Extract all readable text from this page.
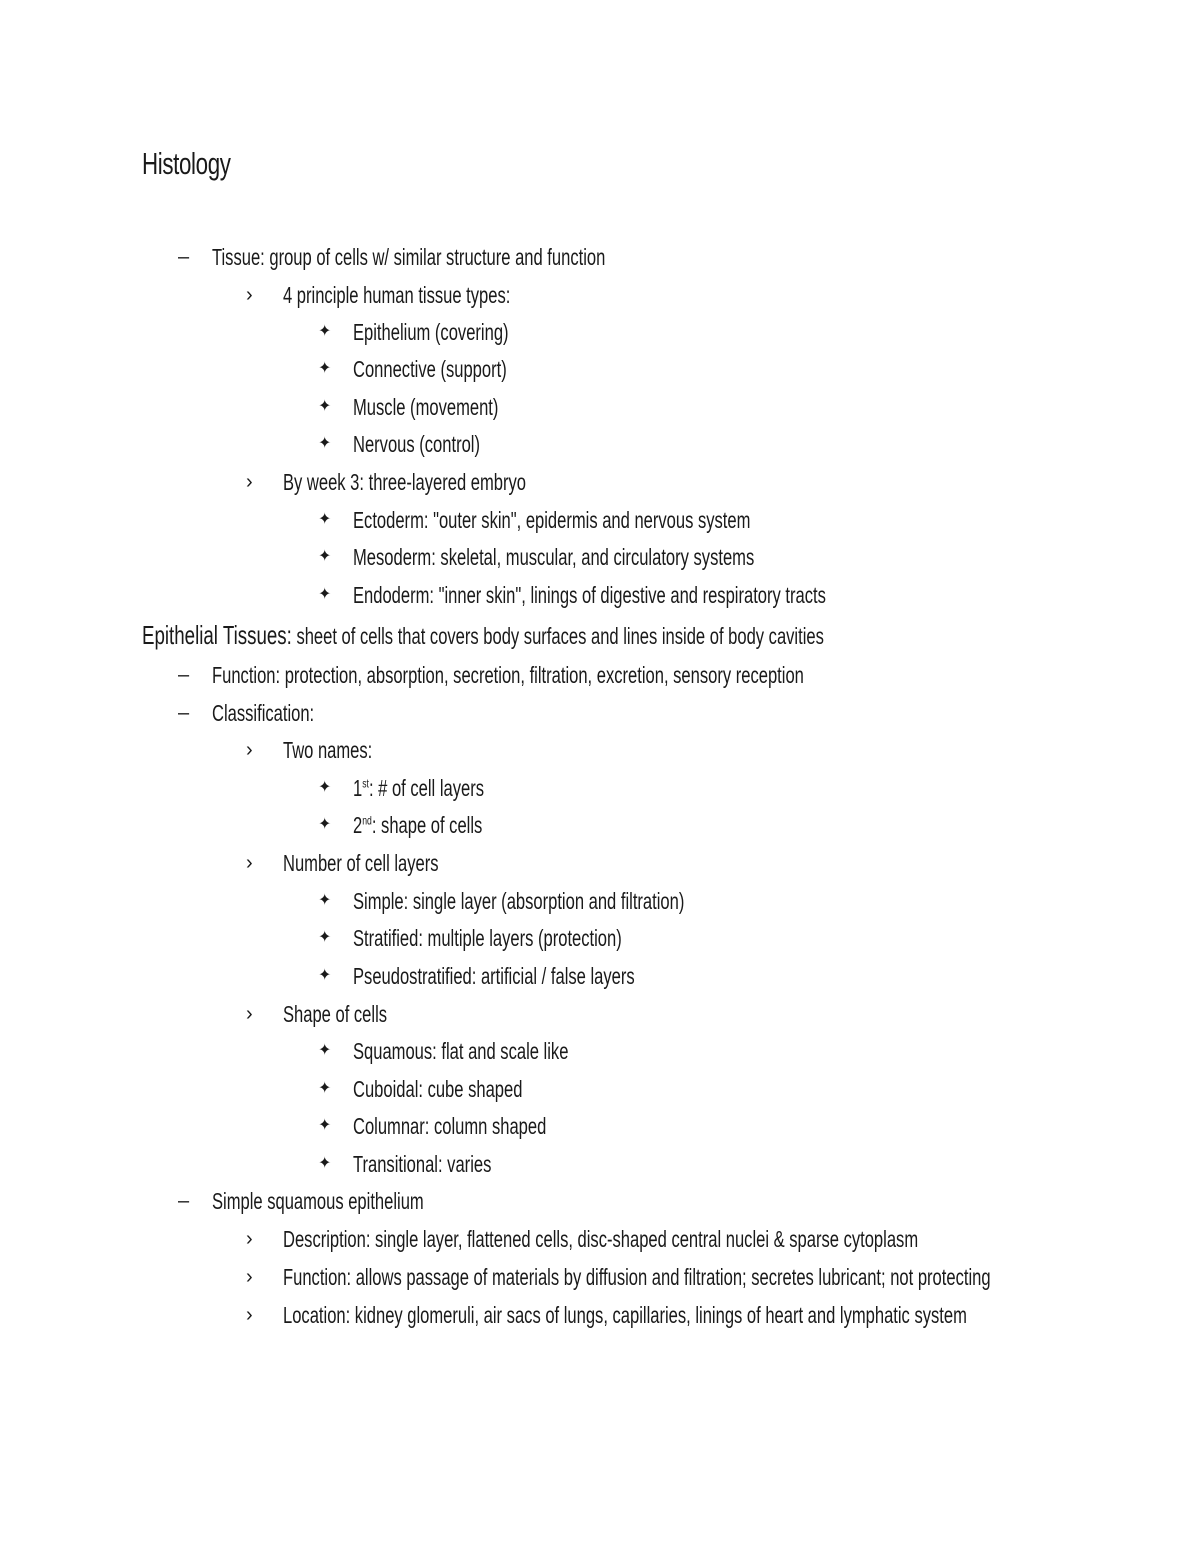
Histology
– Tissue: group of cells w/ similar structure and function
› 4 principle human tissue types:
✦ Epithelium (covering)
✦ Connective (support)
✦ Muscle (movement)
✦ Nervous (control)
› By week 3: three-layered embryo
✦ Ectoderm: "outer skin", epidermis and nervous system
✦ Mesoderm: skeletal, muscular, and circulatory systems
✦ Endoderm: "inner skin", linings of digestive and respiratory tracts
Epithelial Tissues: sheet of cells that covers body surfaces and lines inside of body cavities
– Function: protection, absorption, secretion, filtration, excretion, sensory reception
– Classification:
› Two names:
✦ 1st: # of cell layers
✦ 2nd: shape of cells
› Number of cell layers
✦ Simple: single layer (absorption and filtration)
✦ Stratified: multiple layers (protection)
✦ Pseudostratified: artificial / false layers
› Shape of cells
✦ Squamous: flat and scale like
✦ Cuboidal: cube shaped
✦ Columnar: column shaped
✦ Transitional: varies
– Simple squamous epithelium
› Description: single layer, flattened cells, disc-shaped central nuclei & sparse cytoplasm
› Function: allows passage of materials by diffusion and filtration; secretes lubricant; not protecting
› Location: kidney glomeruli, air sacs of lungs, capillaries, linings of heart and lymphatic system
